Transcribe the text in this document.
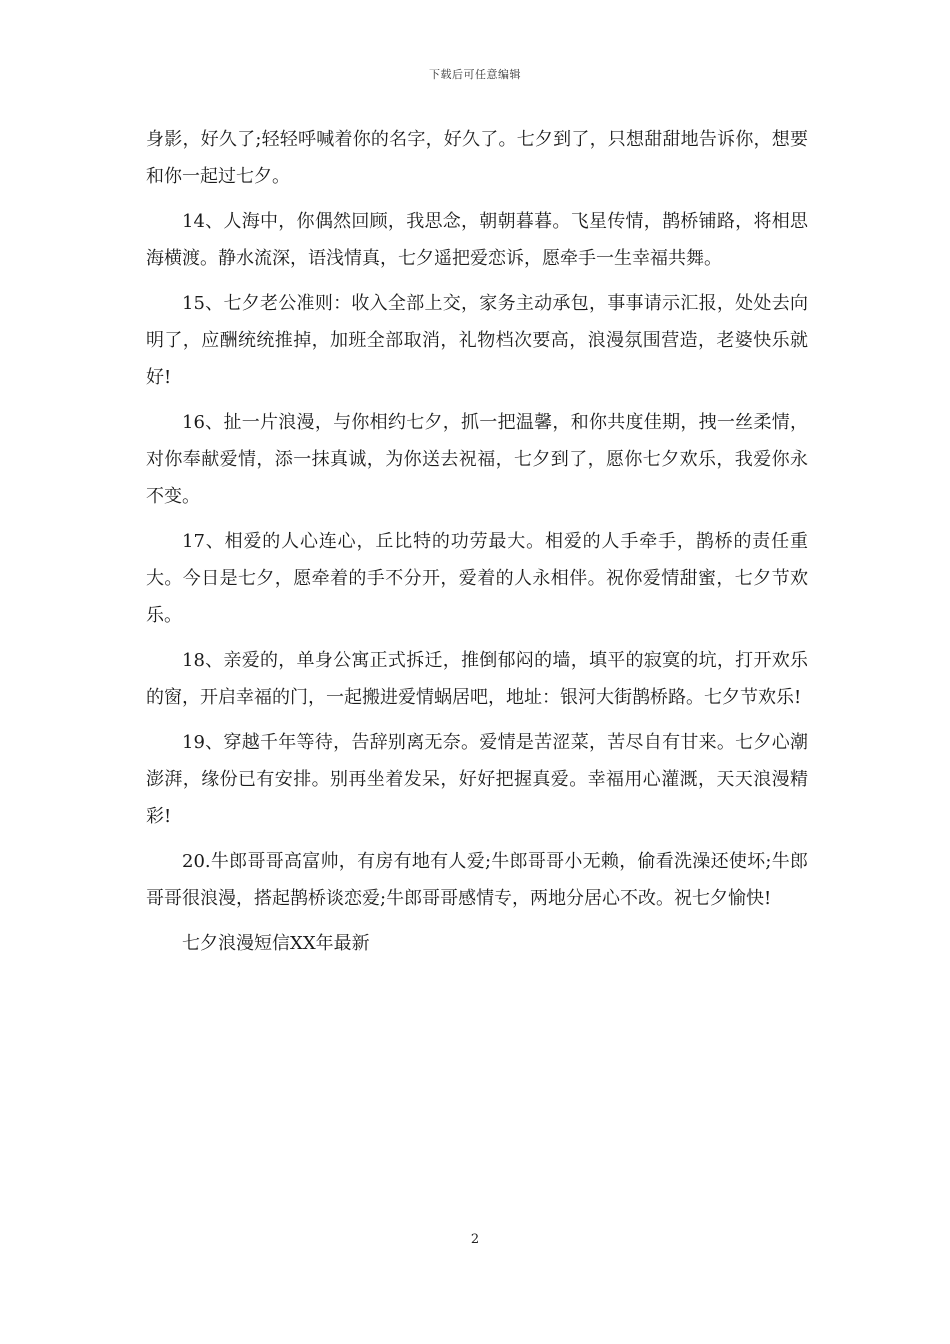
下载后可任意编辑

身影，好久了;轻轻呼喊着你的名字，好久了。七夕到了，只想甜甜地告诉你，想要和你一起过七夕。

14、人海中，你偶然回顾，我思念，朝朝暮暮。飞星传情，鹊桥铺路，将相思海横渡。静水流深，语浅情真，七夕遥把爱恋诉，愿牵手一生幸福共舞。

15、七夕老公准则：收入全部上交，家务主动承包，事事请示汇报，处处去向明了，应酬统统推掉，加班全部取消，礼物档次要高，浪漫氛围营造，老婆快乐就好!

16、扯一片浪漫，与你相约七夕，抓一把温馨，和你共度佳期，拽一丝柔情，对你奉献爱情，添一抹真诚，为你送去祝福，七夕到了，愿你七夕欢乐，我爱你永不变。

17、相爱的人心连心，丘比特的功劳最大。相爱的人手牵手，鹊桥的责任重大。今日是七夕，愿牵着的手不分开，爱着的人永相伴。祝你爱情甜蜜，七夕节欢乐。

18、亲爱的，单身公寓正式拆迁，推倒郁闷的墙，填平的寂寞的坑，打开欢乐的窗，开启幸福的门，一起搬进爱情蜗居吧，地址：银河大街鹊桥路。七夕节欢乐!

19、穿越千年等待，告辞别离无奈。爱情是苦涩菜，苦尽自有甘来。七夕心潮澎湃，缘份已有安排。别再坐着发呆，好好把握真爱。幸福用心灌溉，天天浪漫精彩!

20.牛郎哥哥高富帅，有房有地有人爱;牛郎哥哥小无赖，偷看洗澡还使坏;牛郎哥哥很浪漫，搭起鹊桥谈恋爱;牛郎哥哥感情专，两地分居心不改。祝七夕愉快!

七夕浪漫短信XX年最新

2
